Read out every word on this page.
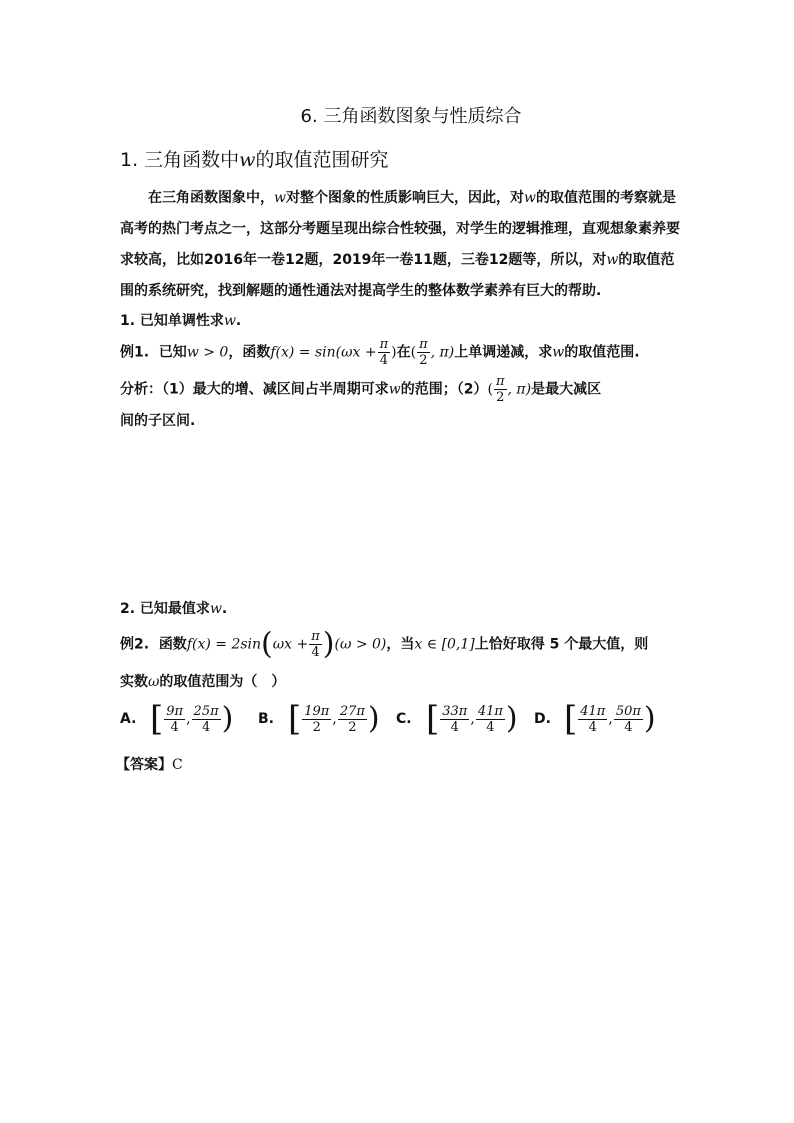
6. 三角函数图象与性质综合
1. 三角函数中w的取值范围研究

在三角函数图象中，w对整个图象的性质影响巨大，因此，对w的取值范围的考察就是高考的热门考点之一，这部分考题呈现出综合性较强，对学生的逻辑推理，直观想象素养要求较高，比如2016年一卷12题，2019年一卷11题，三卷12题等，所以，对w的取值范围的系统研究，找到解题的通性通法对提高学生的整体数学素养有巨大的帮助.

1. 已知单调性求w.
例1. 已知w > 0，函数$f(x) = \sin(\omega x + \frac{\pi}{4}$ )在( $\frac{\pi}{2}$ , π)上单调递减，求w的取值范围.
分析：（1）最大的增、减区间占半周期可求w的范围；$(2)( \frac{\pi}{2}$ , π)是最大减区
间的子区间.
2. 已知最值求w.
例2. 函数$f(x) = 2\sin(\omega x + \frac{\pi}{4} )(\omega > 0)$，当x ∈ [0,1]上恰好取得 5 个最大值，则
实数ω的取值范围为（　）
A. [ $\frac{9\pi}{4}$ , $\frac{25\pi}{4}$ ) B. [ $\frac{19\pi}{2}$ , $\frac{27\pi}{2}$ ) C. [ $\frac{33\pi}{4}$ , $\frac{41\pi}{4}$ ) D. [ $\frac{41\pi}{4}$ , $\frac{50\pi}{4}$ )
【答案】C
